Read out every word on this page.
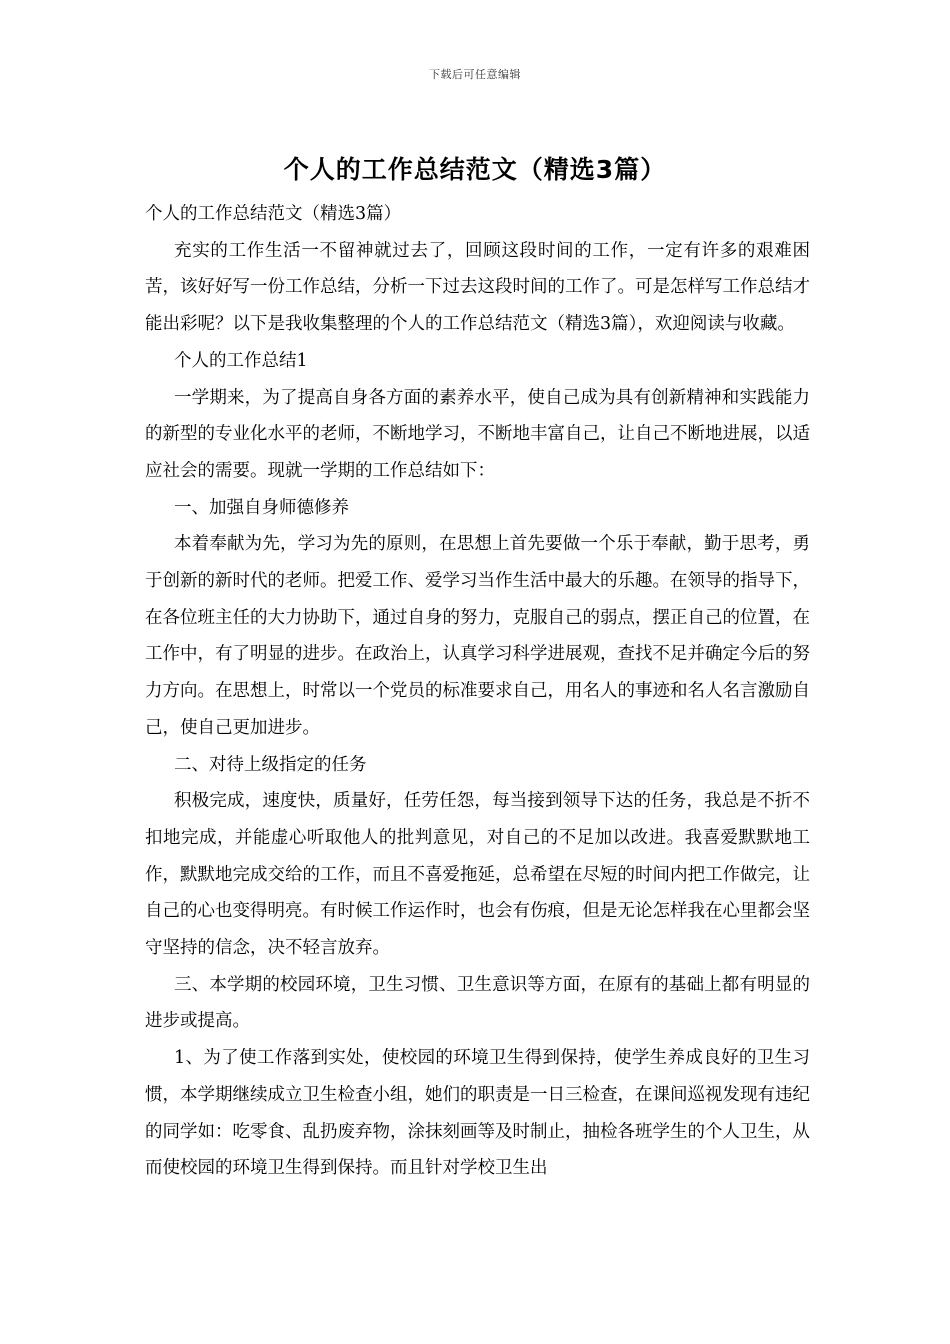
下载后可任意编辑
个人的工作总结范文（精选3篇）

个人的工作总结范文（精选3篇）

充实的工作生活一不留神就过去了，回顾这段时间的工作，一定有许多的艰难困苦，该好好写一份工作总结，分析一下过去这段时间的工作了。可是怎样写工作总结才能出彩呢？以下是我收集整理的个人的工作总结范文（精选3篇），欢迎阅读与收藏。

个人的工作总结1

一学期来，为了提高自身各方面的素养水平，使自己成为具有创新精神和实践能力的新型的专业化水平的老师，不断地学习，不断地丰富自己，让自己不断地进展，以适应社会的需要。现就一学期的工作总结如下：

一、加强自身师德修养

本着奉献为先，学习为先的原则，在思想上首先要做一个乐于奉献，勤于思考，勇于创新的新时代的老师。把爱工作、爱学习当作生活中最大的乐趣。在领导的指导下，在各位班主任的大力协助下，通过自身的努力，克服自己的弱点，摆正自己的位置，在工作中，有了明显的进步。在政治上，认真学习科学进展观，查找不足并确定今后的努力方向。在思想上，时常以一个党员的标准要求自己，用名人的事迹和名人名言激励自己，使自己更加进步。

二、对待上级指定的任务

积极完成，速度快，质量好，任劳任怨，每当接到领导下达的任务，我总是不折不扣地完成，并能虚心听取他人的批判意见，对自己的不足加以改进。我喜爱默默地工作，默默地完成交给的工作，而且不喜爱拖延，总希望在尽短的时间内把工作做完，让自己的心也变得明亮。有时候工作运作时，也会有伤痕，但是无论怎样我在心里都会坚守坚持的信念，决不轻言放弃。

三、本学期的校园环境，卫生习惯、卫生意识等方面，在原有的基础上都有明显的进步或提高。

1、为了使工作落到实处，使校园的环境卫生得到保持，使学生养成良好的卫生习惯，本学期继续成立卫生检查小组，她们的职责是一日三检查，在课间巡视发现有违纪的同学如：吃零食、乱扔废弃物，涂抹刻画等及时制止，抽检各班学生的个人卫生，从而使校园的环境卫生得到保持。而且针对学校卫生出
